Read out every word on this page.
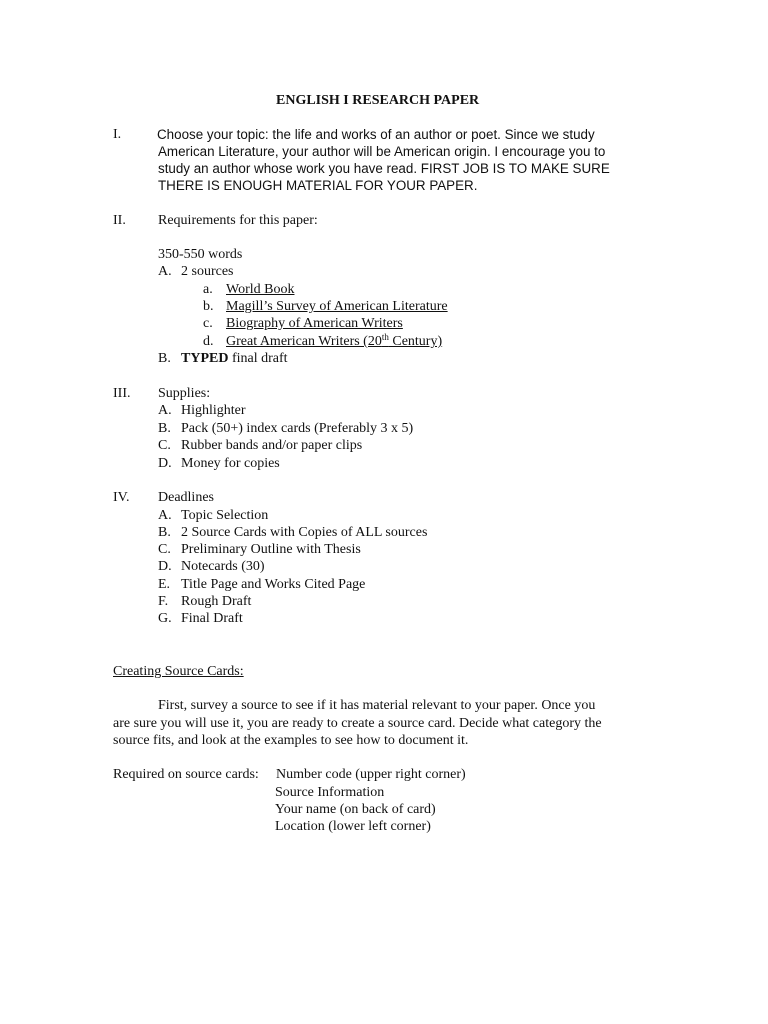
ENGLISH I RESEARCH PAPER
I.	Choose your topic: the life and works of an author or poet. Since we study
American Literature, your author will be American origin. I encourage you to
study an author whose work you have read. FIRST JOB IS TO MAKE SURE
THERE IS ENOUGH MATERIAL FOR YOUR PAPER.
II. Requirements for this paper:
350-550 words
A. 2 sources
a. World Book
b. Magill’s Survey of American Literature
c. Biography of American Writers
d. Great American Writers (20th Century)
B. TYPED final draft
III. Supplies:
A. Highlighter
B. Pack (50+) index cards (Preferably 3 x 5)
C. Rubber bands and/or paper clips
D. Money for copies
IV. Deadlines
A. Topic Selection
B. 2 Source Cards with Copies of ALL sources
C. Preliminary Outline with Thesis
D. Notecards (30)
E. Title Page and Works Cited Page
F. Rough Draft
G. Final Draft
Creating Source Cards:
First, survey a source to see if it has material relevant to your paper. Once you
are sure you will use it, you are ready to create a source card. Decide what category the
source fits, and look at the examples to see how to document it.
Required on source cards: Number code (upper right corner)
Source Information
Your name (on back of card)
Location (lower left corner)
